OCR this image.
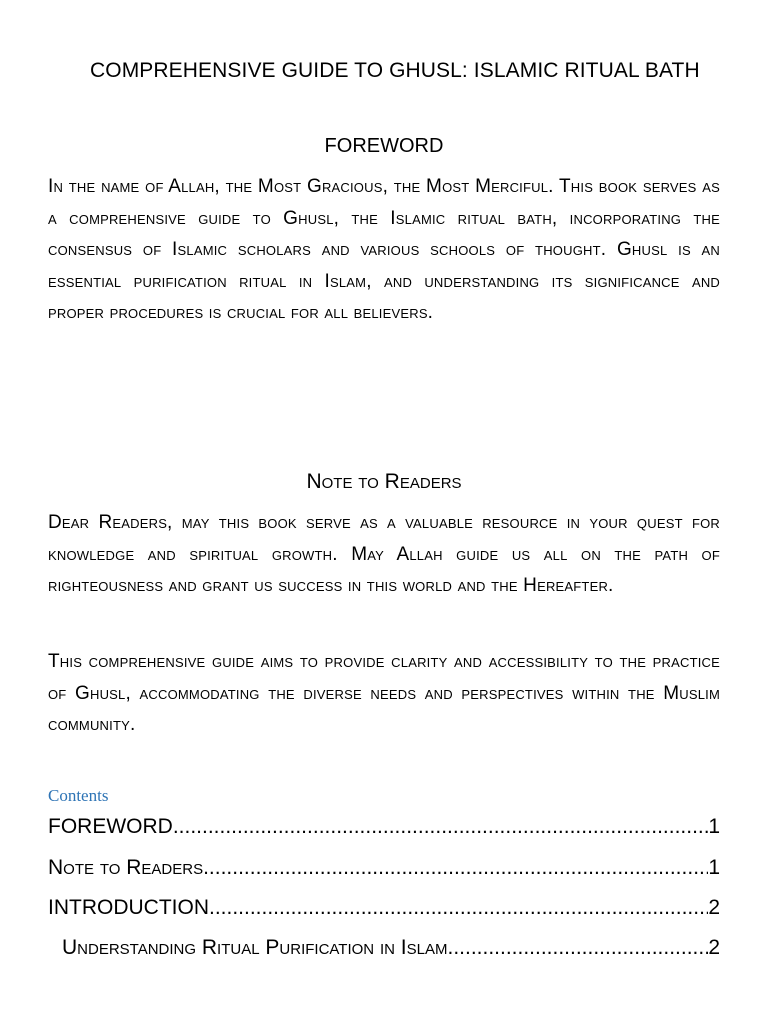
COMPREHENSIVE GUIDE TO GHUSL: ISLAMIC RITUAL BATH
FOREWORD
In the name of Allah, the Most Gracious, the Most Merciful. This book serves as a comprehensive guide to Ghusl, the Islamic ritual bath, incorporating the consensus of Islamic scholars and various schools of thought. Ghusl is an essential purification ritual in Islam, and understanding its significance and proper procedures is crucial for all believers.
Note to Readers
Dear Readers, may this book serve as a valuable resource in your quest for knowledge and spiritual growth. May Allah guide us all on the path of righteousness and grant us success in this world and the Hereafter.
This comprehensive guide aims to provide clarity and accessibility to the practice of Ghusl, accommodating the diverse needs and perspectives within the Muslim community.
Contents
FOREWORD .....	1
Note to Readers .....	1
INTRODUCTION .....	2
Understanding Ritual Purification in Islam .....	2
